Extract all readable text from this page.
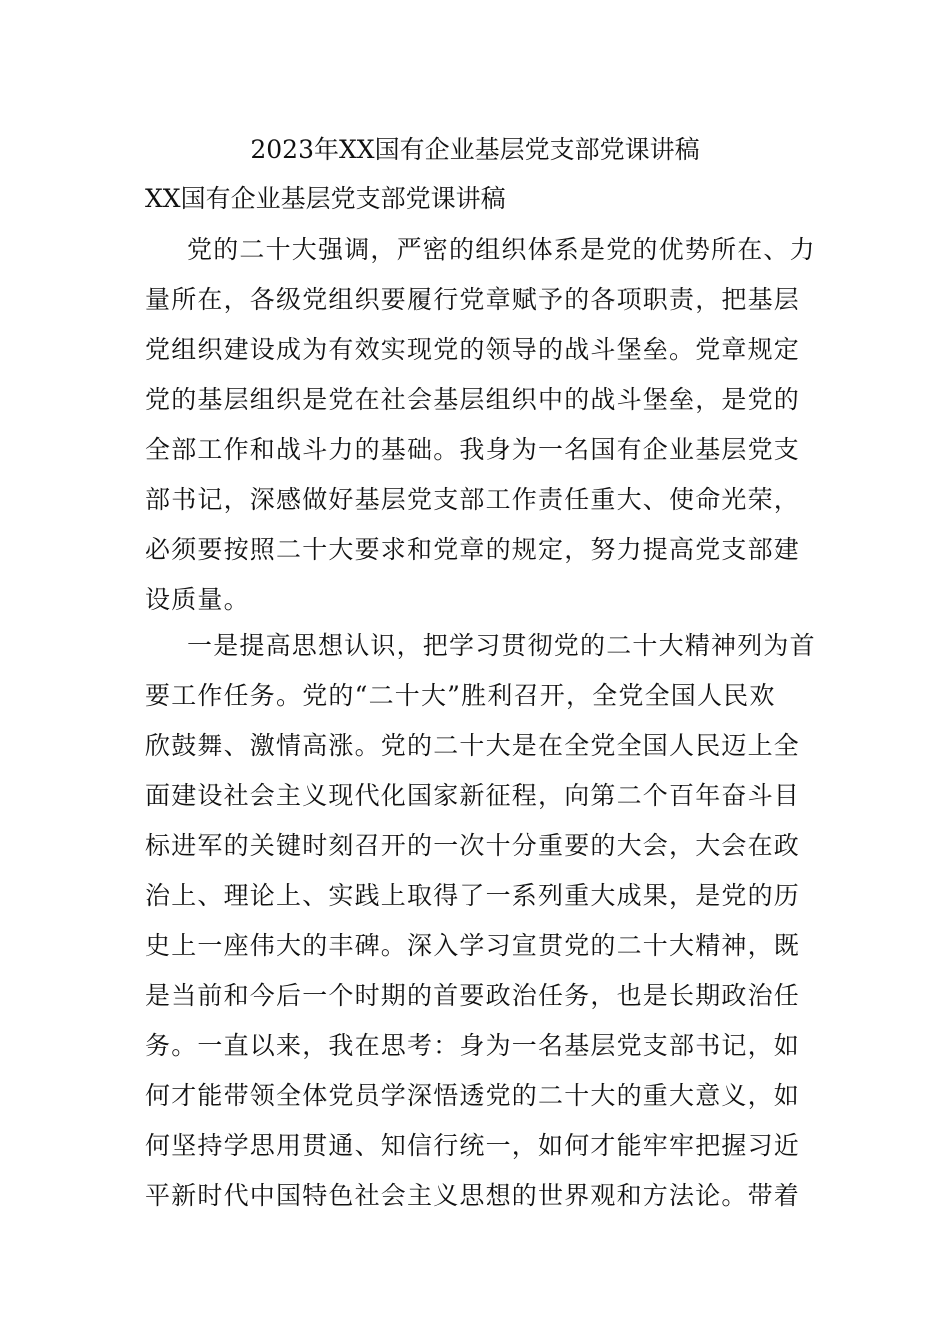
2023年XX国有企业基层党支部党课讲稿
XX国有企业基层党支部党课讲稿
党的二十大强调，严密的组织体系是党的优势所在、力
量所在，各级党组织要履行党章赋予的各项职责，把基层
党组织建设成为有效实现党的领导的战斗堡垒。党章规定
党的基层组织是党在社会基层组织中的战斗堡垒，是党的
全部工作和战斗力的基础。我身为一名国有企业基层党支
部书记，深感做好基层党支部工作责任重大、使命光荣，
必须要按照二十大要求和党章的规定，努力提高党支部建
设质量。
一是提高思想认识，把学习贯彻党的二十大精神列为首
要工作任务。党的“二十大”胜利召开，全党全国人民欢
欣鼓舞、激情高涨。党的二十大是在全党全国人民迈上全
面建设社会主义现代化国家新征程，向第二个百年奋斗目
标进军的关键时刻召开的一次十分重要的大会，大会在政
治上、理论上、实践上取得了一系列重大成果，是党的历
史上一座伟大的丰碑。深入学习宣贯党的二十大精神，既
是当前和今后一个时期的首要政治任务，也是长期政治任
务。一直以来，我在思考：身为一名基层党支部书记，如
何才能带领全体党员学深悟透党的二十大的重大意义，如
何坚持学思用贯通、知信行统一，如何才能牢牢把握习近
平新时代中国特色社会主义思想的世界观和方法论。带着
